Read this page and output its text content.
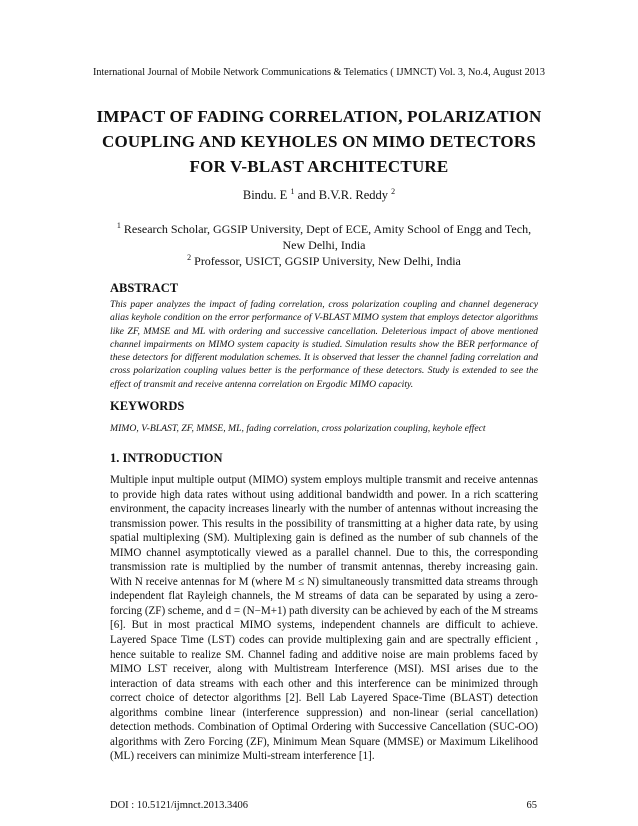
International Journal of Mobile Network Communications & Telematics ( IJMNCT) Vol. 3, No.4, August 2013
IMPACT OF FADING CORRELATION, POLARIZATION
COUPLING AND KEYHOLES ON MIMO DETECTORS
FOR V-BLAST ARCHITECTURE
Bindu. E $^1$ and B.V.R. Reddy $^2$
$^1$ Research Scholar, GGSIP University, Dept of ECE, Amity School of Engg and Tech, New Delhi, India
$^2$ Professor, USICT, GGSIP University, New Delhi, India
ABSTRACT
This paper analyzes the impact of fading correlation, cross polarization coupling and channel degeneracy alias keyhole condition on the error performance of V-BLAST MIMO system that employs detector algorithms like ZF, MMSE and ML with ordering and successive cancellation. Deleterious impact of above mentioned channel impairments on MIMO system capacity is studied. Simulation results show the BER performance of these detectors for different modulation schemes. It is observed that lesser the channel fading correlation and cross polarization coupling values better is the performance of these detectors. Study is extended to see the effect of transmit and receive antenna correlation on Ergodic MIMO capacity.
KEYWORDS
MIMO, V-BLAST, ZF, MMSE, ML, fading correlation, cross polarization coupling, keyhole effect
1. INTRODUCTION
Multiple input multiple output (MIMO) system employs multiple transmit and receive antennas to provide high data rates without using additional bandwidth and power. In a rich scattering environment, the capacity increases linearly with the number of antennas without increasing the transmission power. This results in the possibility of transmitting at a higher data rate, by using spatial multiplexing (SM). Multiplexing gain is defined as the number of sub channels of the MIMO channel asymptotically viewed as a parallel channel. Due to this, the corresponding transmission rate is multiplied by the number of transmit antennas, thereby increasing gain. With N receive antennas for M (where M ≤ N) simultaneously transmitted data streams through independent flat Rayleigh channels, the M streams of data can be separated by using a zero-forcing (ZF) scheme, and d = (N−M+1) path diversity can be achieved by each of the M streams [6]. But in most practical MIMO systems, independent channels are difficult to achieve. Layered Space Time (LST) codes can provide multiplexing gain and are spectrally efficient , hence suitable to realize SM. Channel fading and additive noise are main problems faced by MIMO LST receiver, along with Multistream Interference (MSI). MSI arises due to the interaction of data streams with each other and this interference can be minimized through correct choice of detector algorithms [2]. Bell Lab Layered Space-Time (BLAST) detection algorithms combine linear (interference suppression) and non-linear (serial cancellation) detection methods. Combination of Optimal Ordering with Successive Cancellation (SUC-OO) algorithms with Zero Forcing (ZF), Minimum Mean Square (MMSE) or Maximum Likelihood (ML) receivers can minimize Multi-stream interference [1].
DOI : 10.5121/ijmnct.2013.3406	65
